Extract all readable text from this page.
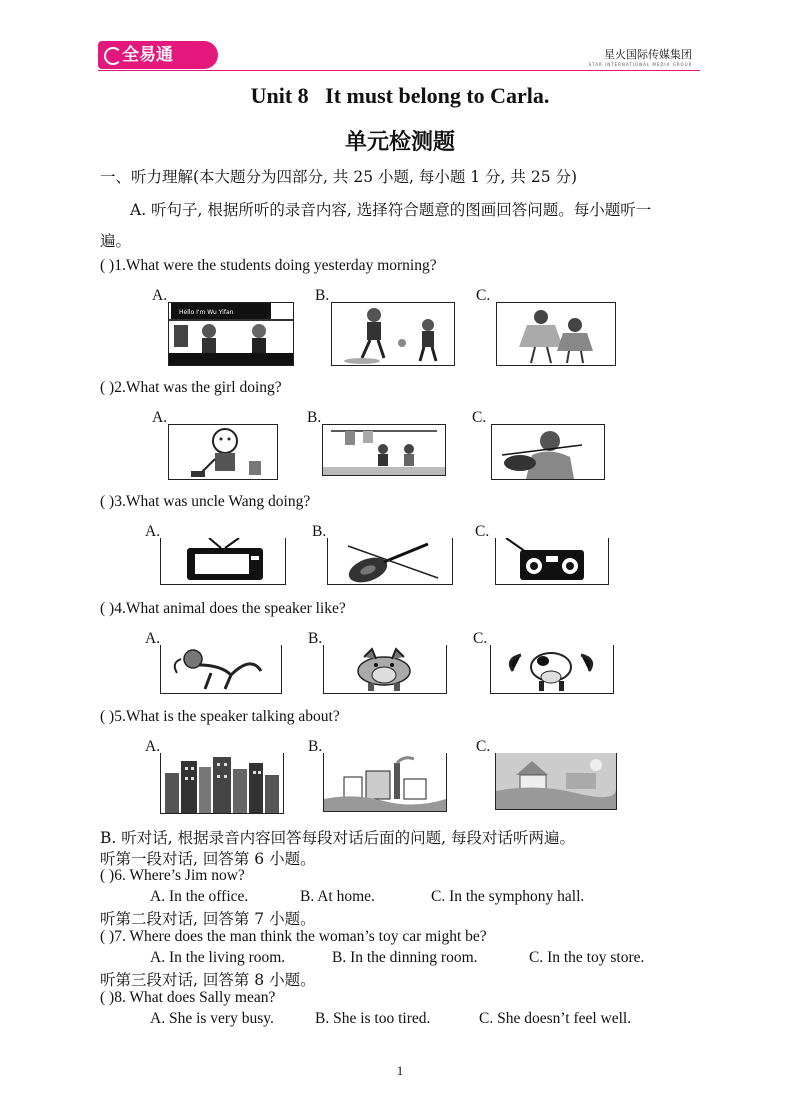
全易通	星火国际传媒集团
STAR INTERNATIONAL MEDIA GROUP
Unit 8   It must belong to Carla.
单元检测题
一、听力理解(本大题分为四部分, 共 25 小题, 每小题 1 分, 共 25 分)
A. 听句子, 根据所听的录音内容, 选择符合题意的图画回答问题。每小题听一
遍。
( )1.What were the students doing yesterday morning?
A.	B.	C.
Hello I'm Wu Yifan
( )2.What was the girl doing?
A.	B.	C.
( )3.What was uncle Wang doing?
A.	B.	C.
( )4.What animal does the speaker like?
A.	B.	C.
( )5.What is the speaker talking about?
A.	B.	C.
B. 听对话, 根据录音内容回答每段对话后面的问题, 每段对话听两遍。
听第一段对话, 回答第 6 小题。
( )6. Where’s Jim now?
A. In the office.	B. At home.	C. In the symphony hall.
听第二段对话, 回答第 7 小题。
( )7. Where does the man think the woman’s toy car might be?
A. In the living room.	B. In the dinning room.	C. In the toy store.
听第三段对话, 回答第 8 小题。
( )8. What does Sally mean?
A. She is very busy.	B. She is too tired.	C. She doesn’t feel well.
1
